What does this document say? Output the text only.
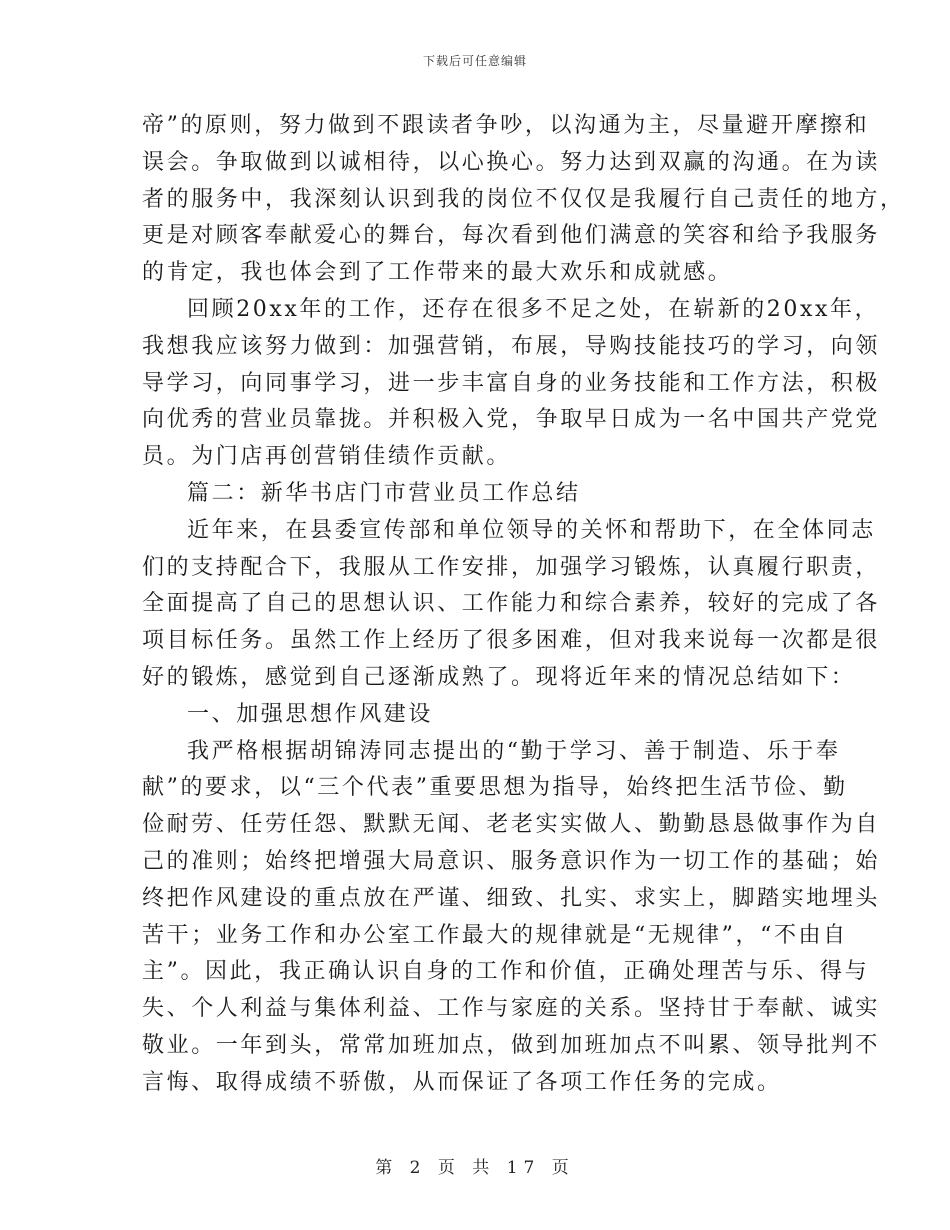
下载后可任意编辑
帝”的原则，努力做到不跟读者争吵，以沟通为主，尽量避开摩擦和
误会。争取做到以诚相待，以心换心。努力达到双赢的沟通。在为读
者的服务中，我深刻认识到我的岗位不仅仅是我履行自己责任的地方，
更是对顾客奉献爱心的舞台，每次看到他们满意的笑容和给予我服务
的肯定，我也体会到了工作带来的最大欢乐和成就感。
回顾20xx年的工作，还存在很多不足之处，在崭新的20xx年，
我想我应该努力做到：加强营销，布展，导购技能技巧的学习，向领
导学习，向同事学习，进一步丰富自身的业务技能和工作方法，积极
向优秀的营业员靠拢。并积极入党，争取早日成为一名中国共产党党
员。为门店再创营销佳绩作贡献。
篇二：新华书店门市营业员工作总结
近年来，在县委宣传部和单位领导的关怀和帮助下，在全体同志
们的支持配合下，我服从工作安排，加强学习锻炼，认真履行职责，
全面提高了自己的思想认识、工作能力和综合素养，较好的完成了各
项目标任务。虽然工作上经历了很多困难，但对我来说每一次都是很
好的锻炼，感觉到自己逐渐成熟了。现将近年来的情况总结如下：
一、加强思想作风建设
我严格根据胡锦涛同志提出的“勤于学习、善于制造、乐于奉
献”的要求，以“三个代表”重要思想为指导，始终把生活节俭、勤
俭耐劳、任劳任怨、默默无闻、老老实实做人、勤勤恳恳做事作为自
己的准则；始终把增强大局意识、服务意识作为一切工作的基础；始
终把作风建设的重点放在严谨、细致、扎实、求实上，脚踏实地埋头
苦干；业务工作和办公室工作最大的规律就是“无规律”，“不由自
主”。因此，我正确认识自身的工作和价值，正确处理苦与乐、得与
失、个人利益与集体利益、工作与家庭的关系。坚持甘于奉献、诚实
敬业。一年到头，常常加班加点，做到加班加点不叫累、领导批判不
言悔、取得成绩不骄傲，从而保证了各项工作任务的完成。
第 2 页 共 17 页
